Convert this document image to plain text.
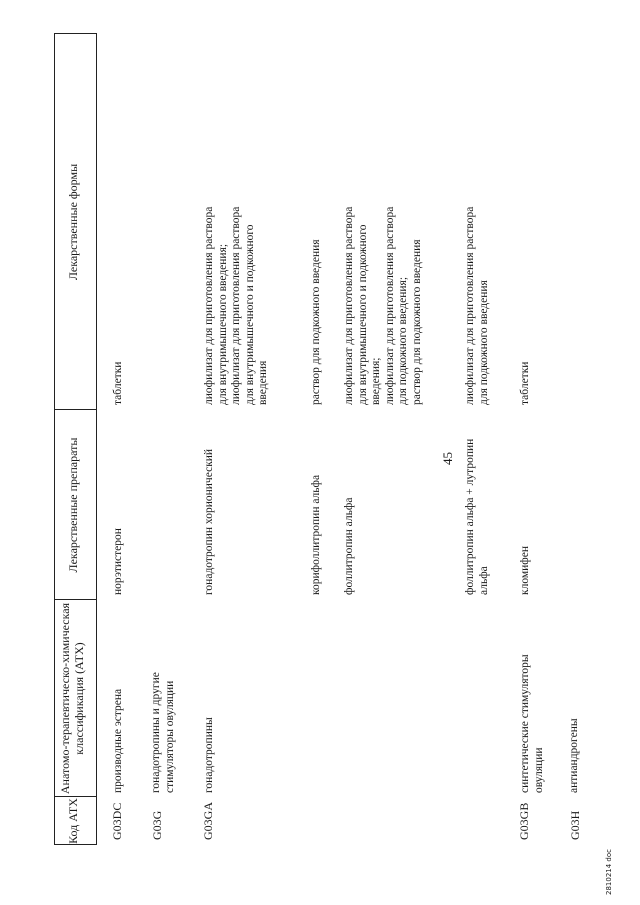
45
Код АТХ
Анатомо-терапевтическо-химическая
классификация (АТХ)
Лекарственные препараты
Лекарственные формы
G03DC
производные эстрена
норэтистерон
таблетки
G03G
гонадотропины и другие
стимуляторы овуляции
G03GA
гонадотропины
гонадотропин хорионический
лиофилизат для приготовления раствора
для внутримышечного введения;
лиофилизат для приготовления раствора
для внутримышечного и подкожного
введения
корифоллитропин альфа
раствор для подкожного введения
фоллитропин альфа
лиофилизат для приготовления раствора
для внутримышечного и подкожного
введения;
лиофилизат для приготовления раствора
для подкожного введения;
раствор для подкожного введения
фоллитропин альфа + лутропин
альфа
лиофилизат для приготовления раствора
для подкожного введения
G03GB
синтетические стимуляторы
овуляции
кломифен
таблетки
G03H
антиандрогены
2810214 doc
